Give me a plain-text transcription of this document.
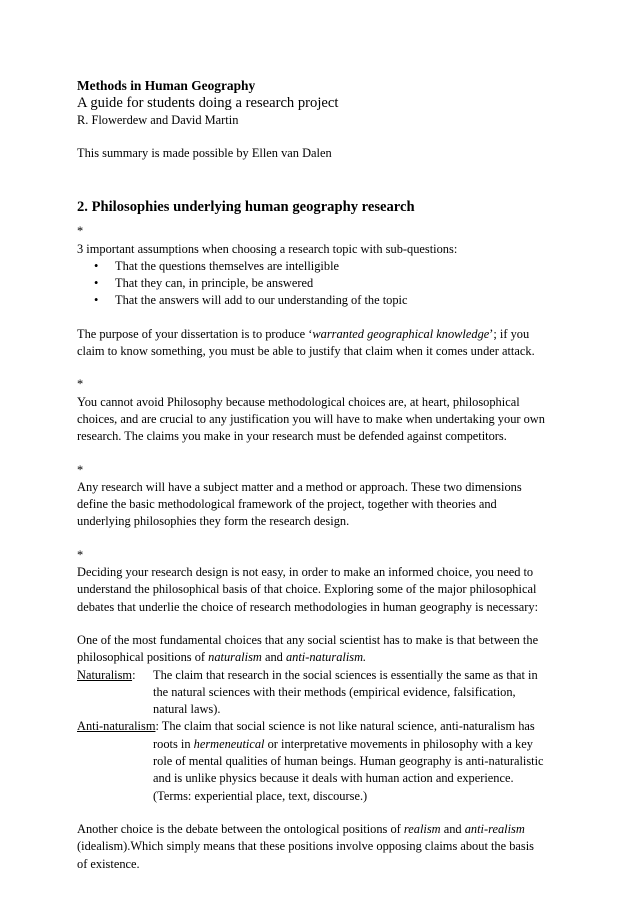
Methods in Human Geography

A guide for students doing a research project

R. Flowerdew and David Martin

This summary is made possible by Ellen van Dalen

2. Philosophies underlying human geography research

*

3 important assumptions when choosing a research topic with sub-questions:

• That the questions themselves are intelligible
• That they can, in principle, be answered
• That the answers will add to our understanding of the topic

The purpose of your dissertation is to produce ‘warranted geographical knowledge’; if you

claim to know something, you must be able to justify that claim when it comes under attack.

*

You cannot avoid Philosophy because methodological choices are, at heart, philosophical

choices, and are crucial to any justification you will have to make when undertaking your own

research. The claims you make in your research must be defended against competitors.

*

Any research will have a subject matter and a method or approach. These two dimensions

define the basic methodological framework of the project, together with theories and

underlying philosophies they form the research design.

*

Deciding your research design is not easy, in order to make an informed choice, you need to

understand the philosophical basis of that choice. Exploring some of the major philosophical

debates that underlie the choice of research methodologies in human geography is necessary:

One of the most fundamental choices that any social scientist has to make is that between the

philosophical positions of naturalism and anti-naturalism.

Naturalism:	The claim that research in the social sciences is essentially the same as that in

the natural sciences with their methods (empirical evidence, falsification,

natural laws).

Anti-naturalism: The claim that social science is not like natural science, anti-naturalism has

roots in hermeneutical or interpretative movements in philosophy with a key

role of mental qualities of human beings. Human geography is anti-naturalistic

and is unlike physics because it deals with human action and experience.

(Terms: experiential place, text, discourse.)

Another choice is the debate between the ontological positions of realism and anti-realism

(idealism).Which simply means that these positions involve opposing claims about the basis

of existence.
